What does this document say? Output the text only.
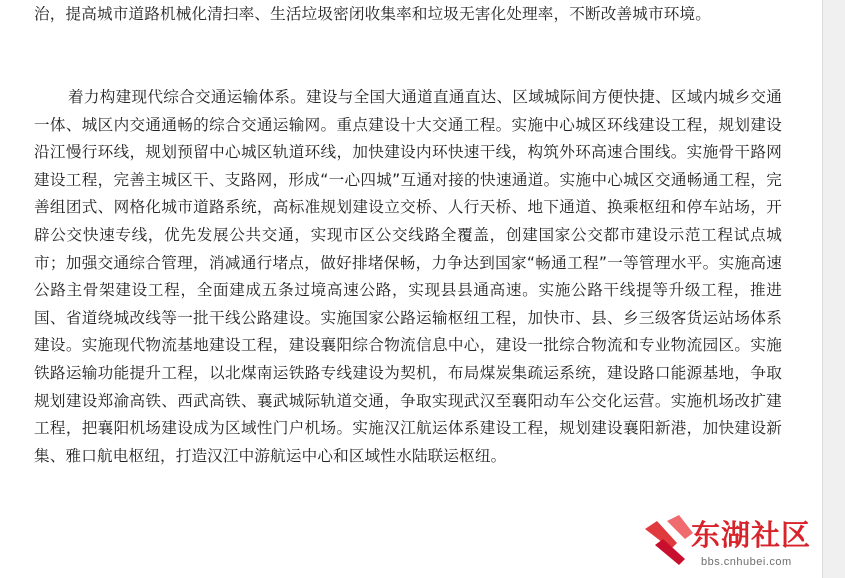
治，提高城市道路机械化清扫率、生活垃圾密闭收集率和垃圾无害化处理率，不断改善城市环境。

着力构建现代综合交通运输体系。建设与全国大通道直通直达、区域城际间方便快捷、区域内城乡交通一体、城区内交通通畅的综合交通运输网。重点建设十大交通工程。实施中心城区环线建设工程，规划建设沿江慢行环线，规划预留中心城区轨道环线，加快建设内环快速干线，构筑外环高速合围线。实施骨干路网建设工程，完善主城区干、支路网，形成“一心四城”互通对接的快速通道。实施中心城区交通畅通工程，完善组团式、网格化城市道路系统，高标准规划建设立交桥、人行天桥、地下通道、换乘枢纽和停车站场，开辟公交快速专线，优先发展公共交通，实现市区公交线路全覆盖，创建国家公交都市建设示范工程试点城市；加强交通综合管理，消减通行堵点，做好排堵保畅，力争达到国家“畅通工程”一等管理水平。实施高速公路主骨架建设工程，全面建成五条过境高速公路，实现县县通高速。实施公路干线提等升级工程，推进国、省道绕城改线等一批干线公路建设。实施国家公路运输枢纽工程，加快市、县、乡三级客货运站场体系建设。实施现代物流基地建设工程，建设襄阳综合物流信息中心，建设一批综合物流和专业物流园区。实施铁路运输功能提升工程，以北煤南运铁路专线建设为契机，布局煤炭集疏运系统，建设路口能源基地，争取规划建设郑渝高铁、西武高铁、襄武城际轨道交通，争取实现武汉至襄阳动车公交化运营。实施机场改扩建工程，把襄阳机场建设成为区域性门户机场。实施汉江航运体系建设工程，规划建设襄阳新港，加快建设新集、雅口航电枢纽，打造汉江中游航运中心和区域性水陆联运枢纽。

东湖社区
bbs.cnhubei.com
